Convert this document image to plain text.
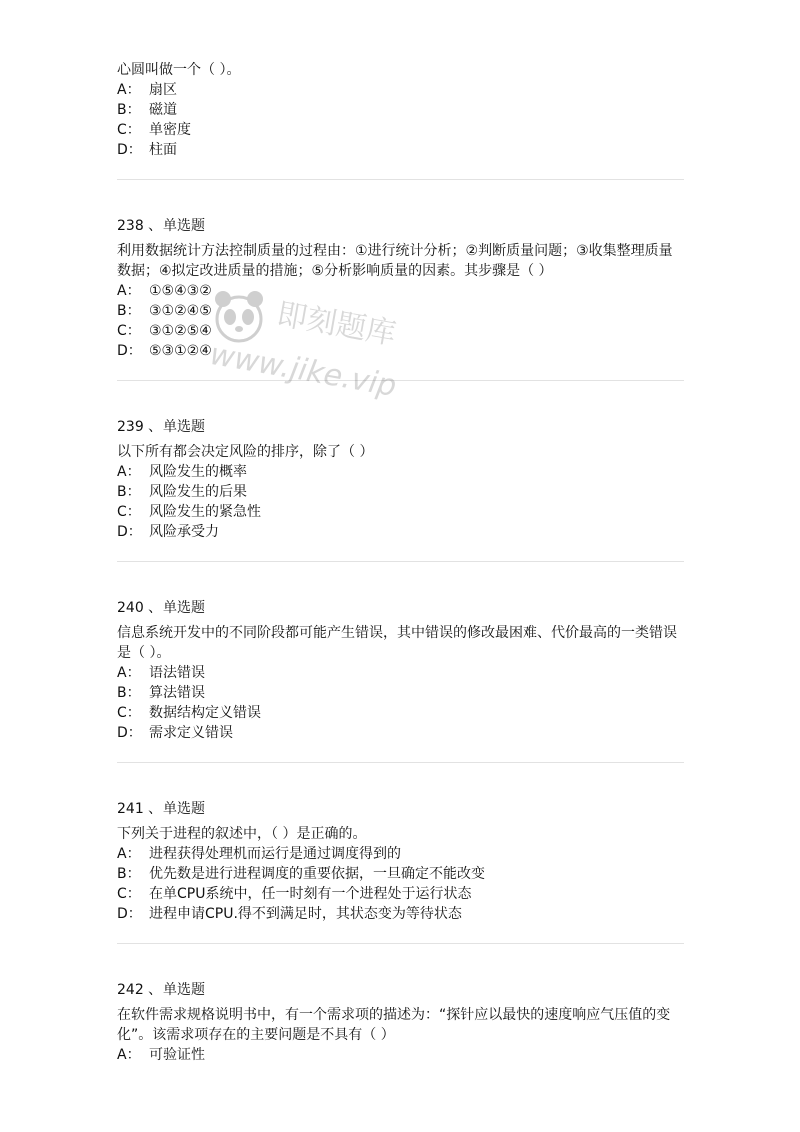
心圆叫做一个（ ）。
A： 扇区
B： 磁道
C： 单密度
D： 柱面
238 、单选题
利用数据统计方法控制质量的过程由：①进行统计分析；②判断质量问题；③收集整理质量数据；④拟定改进质量的措施；⑤分析影响质量的因素。其步骤是（ ）
A： ①⑤④③②
B： ③①②④⑤
C： ③①②⑤④
D： ⑤③①②④
239 、单选题
以下所有都会决定风险的排序，除了（ ）
A： 风险发生的概率
B： 风险发生的后果
C： 风险发生的紧急性
D： 风险承受力
240 、单选题
信息系统开发中的不同阶段都可能产生错误，其中错误的修改最困难、代价最高的一类错误是（ ）。
A： 语法错误
B： 算法错误
C： 数据结构定义错误
D： 需求定义错误
241 、单选题
下列关于进程的叙述中，（ ）是正确的。
A： 进程获得处理机而运行是通过调度得到的
B： 优先数是进行进程调度的重要依据，一旦确定不能改变
C： 在单CPU系统中，任一时刻有一个进程处于运行状态
D： 进程申请CPU.得不到满足时，其状态变为等待状态
242 、单选题
在软件需求规格说明书中，有一个需求项的描述为：“探针应以最快的速度响应气压值的变化”。该需求项存在的主要问题是不具有（ ）
A： 可验证性
即刻题库
www.jike.vip
